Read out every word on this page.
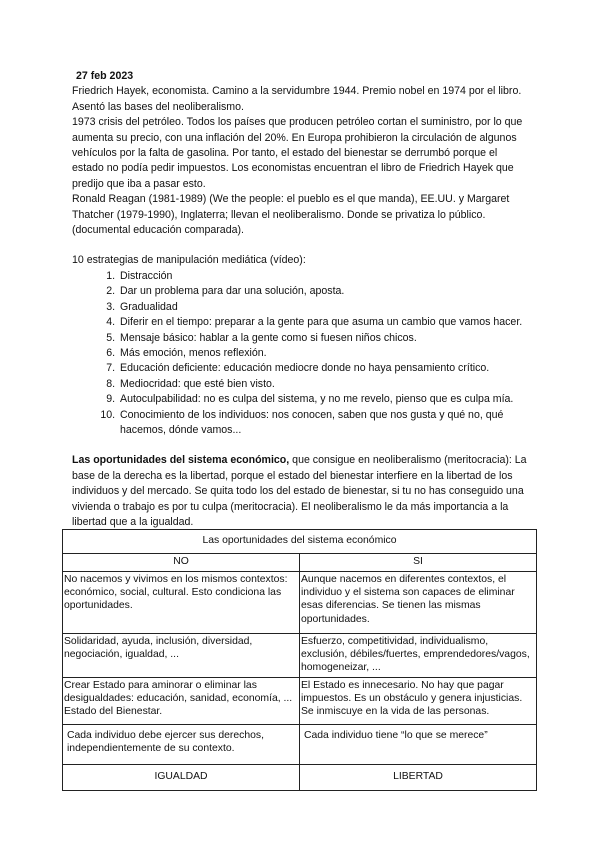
27 feb 2023

Friedrich Hayek, economista. Camino a la servidumbre 1944. Premio nobel en 1974 por el libro. Asentó las bases del neoliberalismo.

1973 crisis del petróleo. Todos los países que producen petróleo cortan el suministro, por lo que aumenta su precio, con una inflación del 20%. En Europa prohibieron la circulación de algunos vehículos por la falta de gasolina. Por tanto, el estado del bienestar se derrumbó porque el estado no podía pedir impuestos. Los economistas encuentran el libro de Friedrich Hayek que predijo que iba a pasar esto.

Ronald Reagan (1981-1989) (We the people: el pueblo es el que manda), EE.UU. y Margaret Thatcher (1979-1990), Inglaterra; llevan el neoliberalismo. Donde se privatiza lo público. (documental educación comparada).

10 estrategias de manipulación mediática (vídeo):

1. Distracción
2. Dar un problema para dar una solución, aposta.
3. Gradualidad
4. Diferir en el tiempo: preparar a la gente para que asuma un cambio que vamos hacer.
5. Mensaje básico: hablar a la gente como si fuesen niños chicos.
6. Más emoción, menos reflexión.
7. Educación deficiente: educación mediocre donde no haya pensamiento crítico.
8. Mediocridad: que esté bien visto.
9. Autoculpabilidad: no es culpa del sistema, y no me revelo, pienso que es culpa mía.
10. Conocimiento de los individuos: nos conocen, saben que nos gusta y qué no, qué hacemos, dónde vamos...

Las oportunidades del sistema económico, que consigue en neoliberalismo (meritocracia): La base de la derecha es la libertad, porque el estado del bienestar interfiere en la libertad de los individuos y del mercado. Se quita todo los del estado de bienestar, si tu no has conseguido una vivienda o trabajo es por tu culpa (meritocracia). El neoliberalismo le da más importancia a la libertad que a la igualdad.

Las oportunidades del sistema económico	
NO	SI
No nacemos y vivimos en los mismos contextos: económico, social, cultural. Esto condiciona las oportunidades.	Aunque nacemos en diferentes contextos, el individuo y el sistema son capaces de eliminar esas diferencias. Se tienen las mismas oportunidades.
Solidaridad, ayuda, inclusión, diversidad, negociación, igualdad, ...	Esfuerzo, competitividad, individualismo, exclusión, débiles/fuertes, emprendedores/vagos, homogeneizar, ...
Crear Estado para aminorar o eliminar las desigualdades: educación, sanidad, economía, ... Estado del Bienestar.	El Estado es innecesario. No hay que pagar impuestos. Es un obstáculo y genera injusticias. Se inmiscuye en la vida de las personas.
Cada individuo debe ejercer sus derechos, independientemente de su contexto.	Cada individuo tiene “lo que se merece”
IGUALDAD	LIBERTAD
